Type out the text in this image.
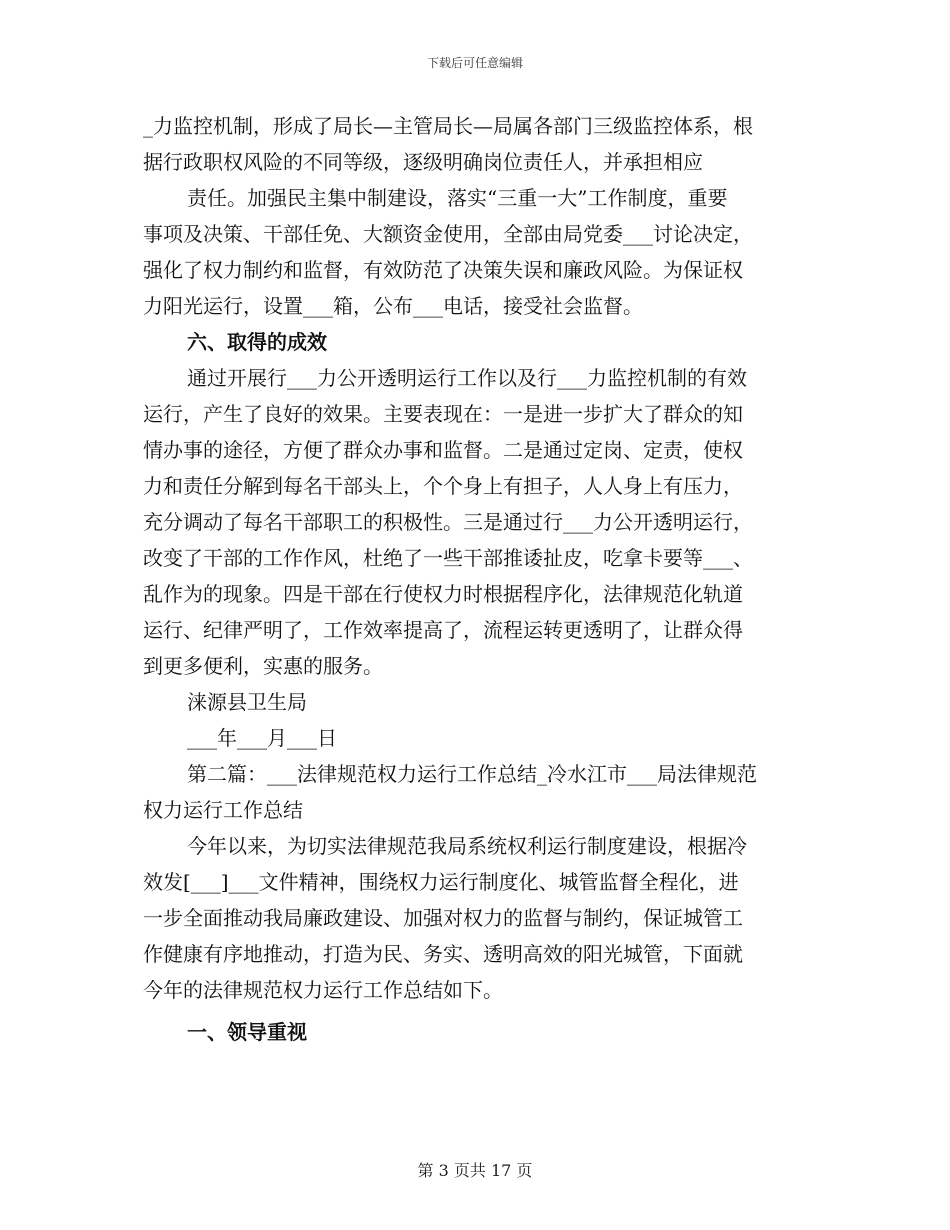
下载后可任意编辑
_力监控机制，形成了局长—主管局长—局属各部门三级监控体系，根
据行政职权风险的不同等级，逐级明确岗位责任人，并承担相应
责任。加强民主集中制建设，落实“三重一大”工作制度，重要
事项及决策、干部任免、大额资金使用，全部由局党委___讨论决定，
强化了权力制约和监督，有效防范了决策失误和廉政风险。为保证权
力阳光运行，设置___箱，公布___电话，接受社会监督。
六、取得的成效
通过开展行___力公开透明运行工作以及行___力监控机制的有效
运行，产生了良好的效果。主要表现在：一是进一步扩大了群众的知
情办事的途径，方便了群众办事和监督。二是通过定岗、定责，使权
力和责任分解到每名干部头上，个个身上有担子，人人身上有压力，
充分调动了每名干部职工的积极性。三是通过行___力公开透明运行，
改变了干部的工作作风，杜绝了一些干部推诿扯皮，吃拿卡要等___、
乱作为的现象。四是干部在行使权力时根据程序化，法律规范化轨道
运行、纪律严明了，工作效率提高了，流程运转更透明了，让群众得
到更多便利，实惠的服务。
涞源县卫生局
___年___月___日
第二篇：___法律规范权力运行工作总结_冷水江市___局法律规范
权力运行工作总结
今年以来，为切实法律规范我局系统权利运行制度建设，根据冷
效发[___]___文件精神，围绕权力运行制度化、城管监督全程化，进
一步全面推动我局廉政建设、加强对权力的监督与制约，保证城管工
作健康有序地推动，打造为民、务实、透明高效的阳光城管，下面就
今年的法律规范权力运行工作总结如下。
一、领导重视
第 3 页共 17 页
